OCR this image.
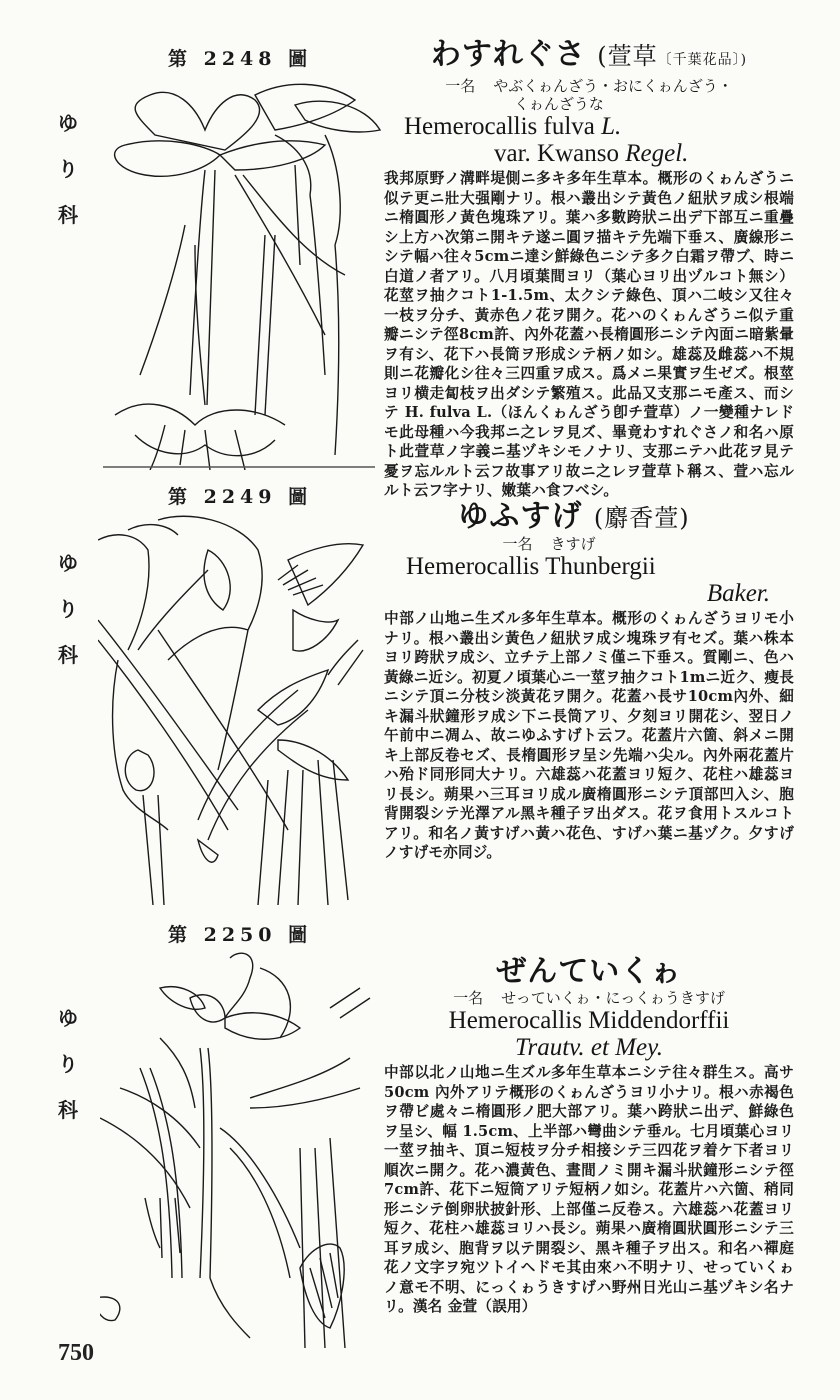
第 2248 圖
ゆ
り
科
わすれぐさ (萱草〔千葉花品〕)
一名 やぶくゎんざう・おにくゎんざう・
くゎんざうな
Hemerocallis fulva L.
var. Kwanso Regel.
我邦原野ノ溝畔堤側ニ多キ多年生草本。概形のくゎんざうニ似テ更ニ壯大强剛ナリ。根ハ叢出シテ黃色ノ紐狀ヲ成シ根端ニ楕圓形ノ黃色塊珠アリ。葉ハ多數跨狀ニ出デ下部互ニ重疊シ上方ハ次第ニ開キテ遂ニ圓ヲ描キテ先端下垂ス、廣線形ニシテ幅ハ往々5cmニ達シ鮮綠色ニシテ多ク白霜ヲ帶ブ、時ニ白道ノ者アリ。八月頃葉間ヨリ（葉心ヨリ出ヅルコト無シ）花莖ヲ抽クコト1-1.5m、太クシテ綠色、頂ハ二岐シ又往々一枝ヲ分チ、黃赤色ノ花ヲ開ク。花ハのくゎんざうニ似テ重瓣ニシテ徑8cm許、內外花蓋ハ長楕圓形ニシテ內面ニ暗紫暈ヲ有シ、花下ハ長筒ヲ形成シテ柄ノ如シ。雄蕊及雌蕊ハ不規則ニ花瓣化シ往々三四重ヲ成ス。爲メニ果實ヲ生ゼズ。根莖ヨリ横走匐枝ヲ出ダシテ繁殖ス。此品又支那ニモ產ス、而シテ H. fulva L.（ほんくゎんざう卽チ萱草）ノ一變種ナレドモ此母種ハ今我邦ニ之レヲ見ズ、畢竟わすれぐさノ和名ハ原ト此萱草ノ字義ニ基ヅキシモノナリ、支那ニテハ此花ヲ見テ憂ヲ忘ルルト云フ故事アリ故ニ之レヲ萱草ト稱ス、萱ハ忘ルルト云フ字ナリ、嫩葉ハ食フベシ。
第 2249 圖
ゆ
り
科
ゆふすげ (麝香萱)
一名 きすげ
Hemerocallis Thunbergii
Baker.
中部ノ山地ニ生ズル多年生草本。概形のくゎんざうヨリモ小ナリ。根ハ叢出シ黃色ノ紐狀ヲ成シ塊珠ヲ有セズ。葉ハ株本ヨリ跨狀ヲ成シ、立チテ上部ノミ僅ニ下垂ス。質剛ニ、色ハ黃綠ニ近シ。初夏ノ頃葉心ニ一莖ヲ抽クコト1mニ近ク、瘦長ニシテ頂ニ分枝シ淡黃花ヲ開ク。花蓋ハ長サ10cm內外、細キ漏斗狀鐘形ヲ成シ下ニ長筒アリ、夕刻ヨリ開花シ、翌日ノ午前中ニ凋ム、故ニゆふすげト云フ。花蓋片六箇、斜メニ開キ上部反卷セズ、長楕圓形ヲ呈シ先端ハ尖ル。內外兩花蓋片ハ殆ド同形同大ナリ。六雄蕊ハ花蓋ヨリ短ク、花柱ハ雄蕊ヨリ長シ。蒴果ハ三耳ヨリ成ル廣楕圓形ニシテ頂部凹入シ、胞背開裂シテ光澤アル黑キ種子ヲ出ダス。花ヲ食用トスルコトアリ。和名ノ黃すげハ黃ハ花色、すげハ葉ニ基ヅク。夕すげノすげモ亦同ジ。
第 2250 圖
ゆ
り
科
ぜんていくゎ
一名 せっていくゎ・にっくゎうきすげ
Hemerocallis Middendorffii
Trautv. et Mey.
中部以北ノ山地ニ生ズル多年生草本ニシテ往々群生ス。高サ 50cm 內外アリテ概形のくゎんざうヨリ小ナリ。根ハ赤褐色ヲ帶ビ處々ニ楕圓形ノ肥大部アリ。葉ハ跨狀ニ出デ、鮮綠色ヲ呈シ、幅 1.5cm、上半部ハ彎曲シテ垂ル。七月頃葉心ヨリ一莖ヲ抽キ、頂ニ短枝ヲ分チ相接シテ三四花ヲ着ケ下者ヨリ順次ニ開ク。花ハ濃黃色、晝間ノミ開キ漏斗狀鐘形ニシテ徑7cm許、花下ニ短筒アリテ短柄ノ如シ。花蓋片ハ六箇、稍同形ニシテ倒卵狀披針形、上部僅ニ反卷ス。六雄蕊ハ花蓋ヨリ短ク、花柱ハ雄蕊ヨリハ長シ。蒴果ハ廣楕圓狀圓形ニシテ三耳ヲ成シ、胞背ヲ以テ開裂シ、黑キ種子ヲ出ス。和名ハ禪庭花ノ文字ヲ宛ツトイヘドモ其由來ハ不明ナリ、せっていくゎノ意モ不明、にっくゎうきすげハ野州日光山ニ基ヅキシ名ナリ。漢名 金萱（誤用）
750
